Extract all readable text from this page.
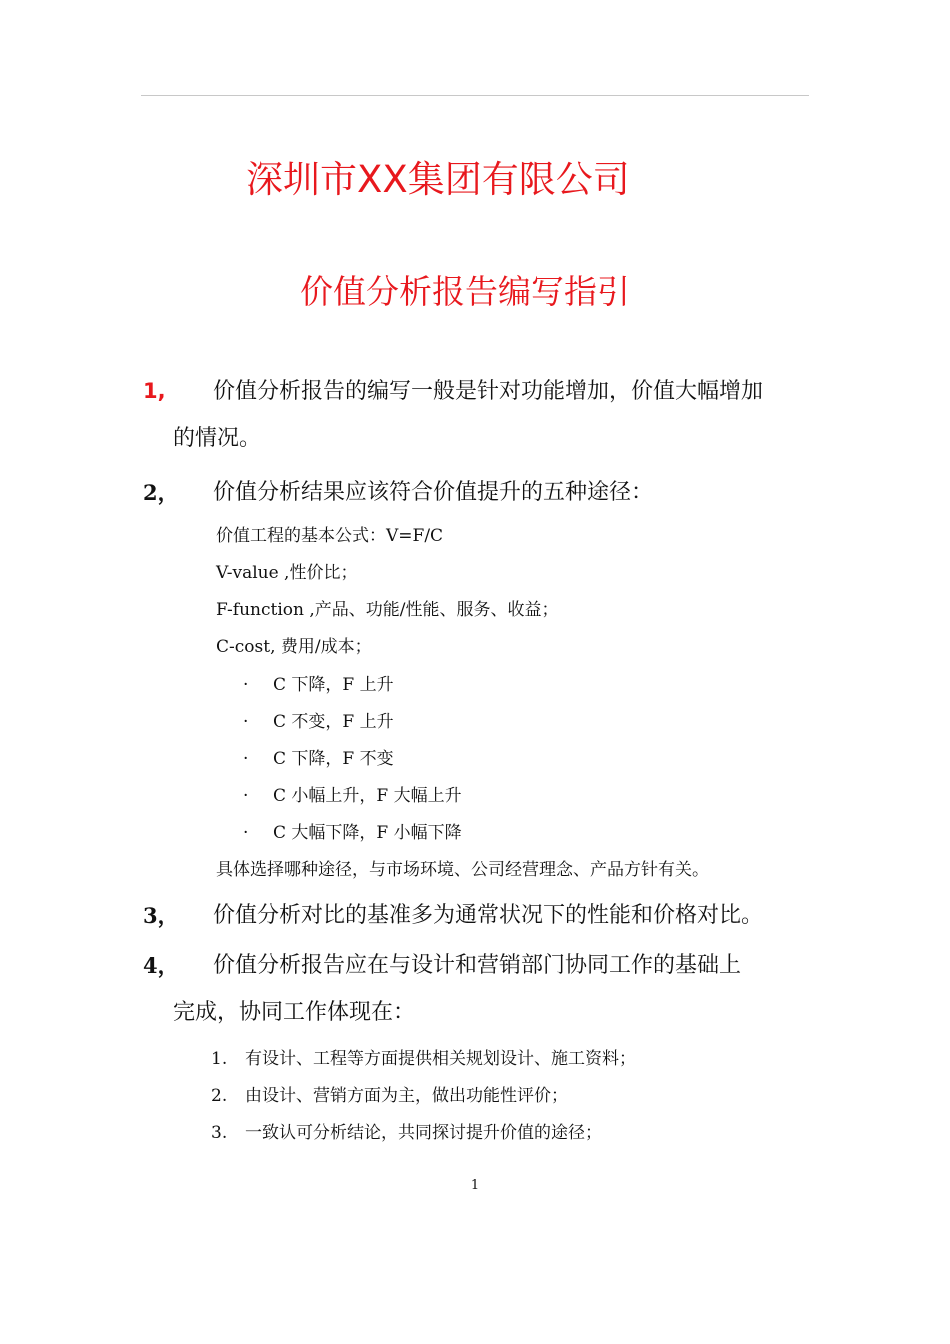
深圳市XX集团有限公司
价值分析报告编写指引
1, 价值分析报告的编写一般是针对功能增加，价值大幅增加
的情况。
2， 价值分析结果应该符合价值提升的五种途径：
价值工程的基本公式：V=F/C
V-value ,性价比；
F-function ,产品、功能/性能、服务、收益；
C-cost, 费用/成本；
· C 下降，F 上升
· C 不变，F 上升
· C 下降，F 不变
· C 小幅上升，F 大幅上升
· C 大幅下降，F 小幅下降
具体选择哪种途径，与市场环境、公司经营理念、产品方针有关。
3， 价值分析对比的基准多为通常状况下的性能和价格对比。
4， 价值分析报告应在与设计和营销部门协同工作的基础上
完成，协同工作体现在：
1. 有设计、工程等方面提供相关规划设计、施工资料；
2. 由设计、营销方面为主，做出功能性评价；
3. 一致认可分析结论，共同探讨提升价值的途径；
1
